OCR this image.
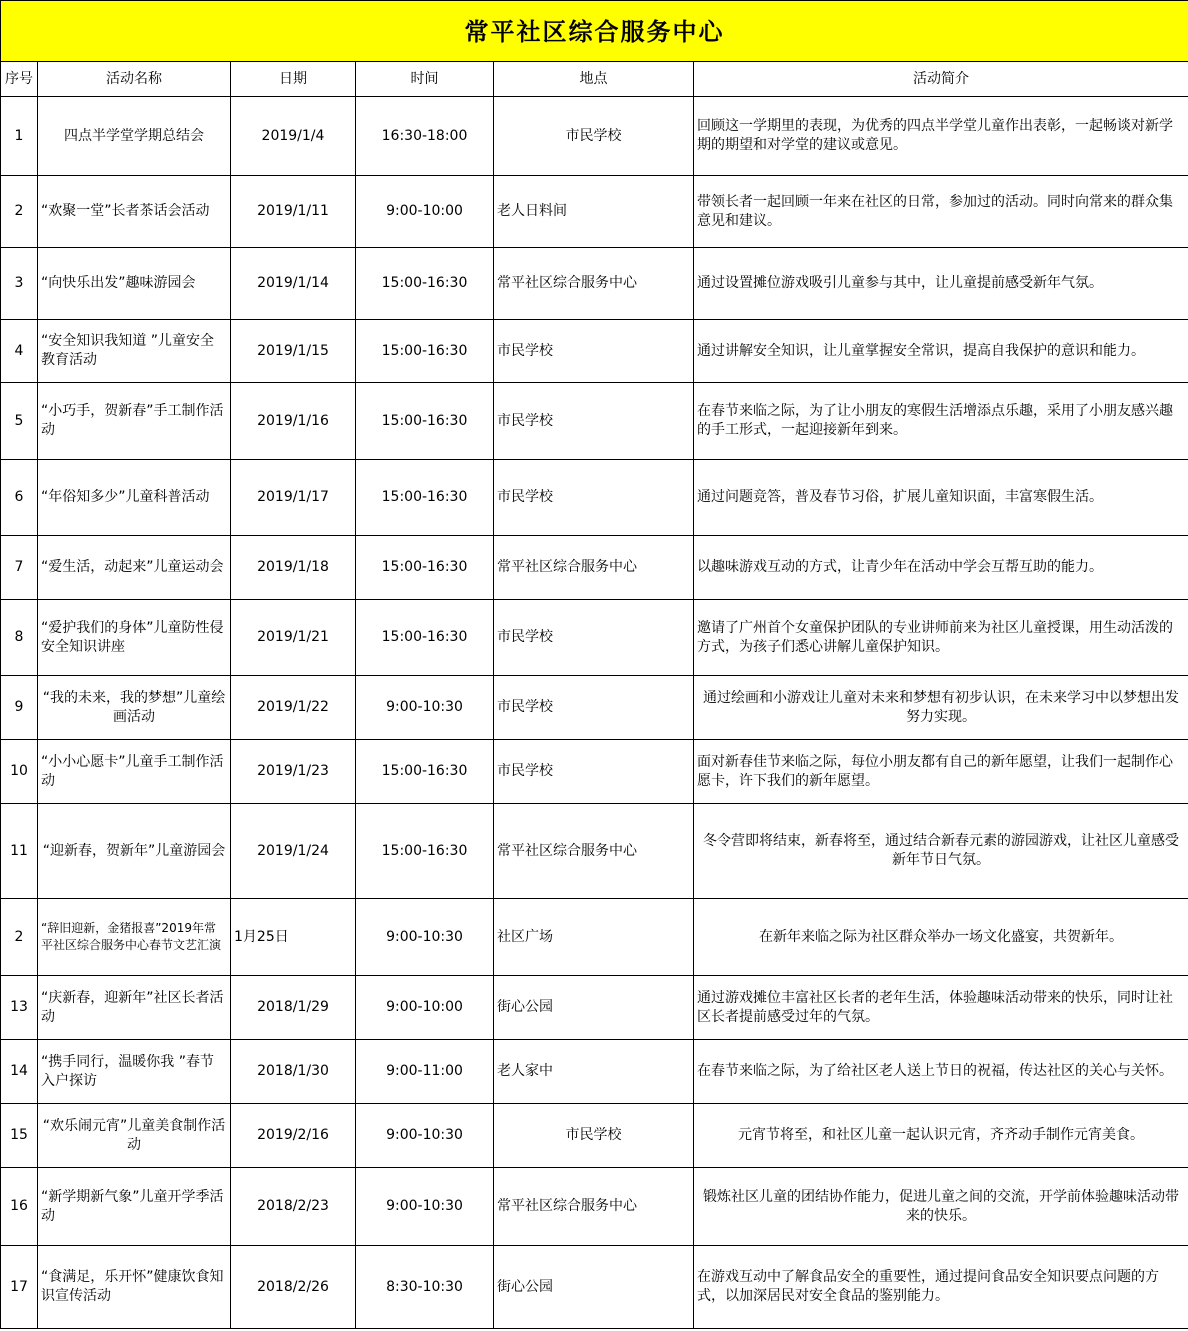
常平社区综合服务中心					
序号	活动名称	日期	时间	地点	活动简介
1	四点半学堂学期总结会	2019/1/4	16:30-18:00	市民学校	回顾这一学期里的表现，为优秀的四点半学堂儿童作出表彰，一起畅谈对新学期的期望和对学堂的建议或意见。
2	“欢聚一堂”长者茶话会活动	2019/1/11	9:00-10:00	老人日料间	带领长者一起回顾一年来在社区的日常，参加过的活动。同时向常来的群众集意见和建议。
3	“向快乐出发”趣味游园会	2019/1/14	15:00-16:30	常平社区综合服务中心	通过设置摊位游戏吸引儿童参与其中，让儿童提前感受新年气氛。
4	“安全知识我知道 ”儿童安全教育活动	2019/1/15	15:00-16:30	市民学校	通过讲解安全知识，让儿童掌握安全常识，提高自我保护的意识和能力。
5	“小巧手，贺新春”手工制作活动	2019/1/16	15:00-16:30	市民学校	在春节来临之际，为了让小朋友的寒假生活增添点乐趣，采用了小朋友感兴趣的手工形式，一起迎接新年到来。
6	“年俗知多少”儿童科普活动	2019/1/17	15:00-16:30	市民学校	通过问题竞答，普及春节习俗，扩展儿童知识面，丰富寒假生活。
7	“爱生活，动起来”儿童运动会	2019/1/18	15:00-16:30	常平社区综合服务中心	以趣味游戏互动的方式，让青少年在活动中学会互帮互助的能力。
8	“爱护我们的身体”儿童防性侵安全知识讲座	2019/1/21	15:00-16:30	市民学校	邀请了广州首个女童保护团队的专业讲师前来为社区儿童授课，用生动活泼的方式，为孩子们悉心讲解儿童保护知识。
9	“我的未来，我的梦想”儿童绘画活动	2019/1/22	9:00-10:30	市民学校	通过绘画和小游戏让儿童对未来和梦想有初步认识，在未来学习中以梦想出发努力实现。
10	“小小心愿卡”儿童手工制作活动	2019/1/23	15:00-16:30	市民学校	面对新春佳节来临之际，每位小朋友都有自己的新年愿望，让我们一起制作心愿卡，许下我们的新年愿望。
11	“迎新春，贺新年”儿童游园会	2019/1/24	15:00-16:30	常平社区综合服务中心	冬令营即将结束，新春将至，通过结合新春元素的游园游戏，让社区儿童感受新年节日气氛。
2	“辞旧迎新，金猪报喜”2019年常平社区综合服务中心春节文艺汇演	1月25日	9:00-10:30	社区广场	在新年来临之际为社区群众举办一场文化盛宴，共贺新年。
13	“庆新春，迎新年”社区长者活动	2018/1/29	9:00-10:00	街心公园	通过游戏摊位丰富社区长者的老年生活，体验趣味活动带来的快乐，同时让社区长者提前感受过年的气氛。
14	“携手同行，温暖你我 ”春节入户探访	2018/1/30	9:00-11:00	老人家中	在春节来临之际，为了给社区老人送上节日的祝福，传达社区的关心与关怀。
15	“欢乐闹元宵”儿童美食制作活动	2019/2/16	9:00-10:30	市民学校	元宵节将至，和社区儿童一起认识元宵，齐齐动手制作元宵美食。
16	“新学期新气象”儿童开学季活动	2018/2/23	9:00-10:30	常平社区综合服务中心	锻炼社区儿童的团结协作能力，促进儿童之间的交流，开学前体验趣味活动带来的快乐。
17	“食满足，乐开怀”健康饮食知识宣传活动	2018/2/26	8:30-10:30	街心公园	在游戏互动中了解食品安全的重要性，通过提问食品安全知识要点问题的方式，以加深居民对安全食品的鉴别能力。
